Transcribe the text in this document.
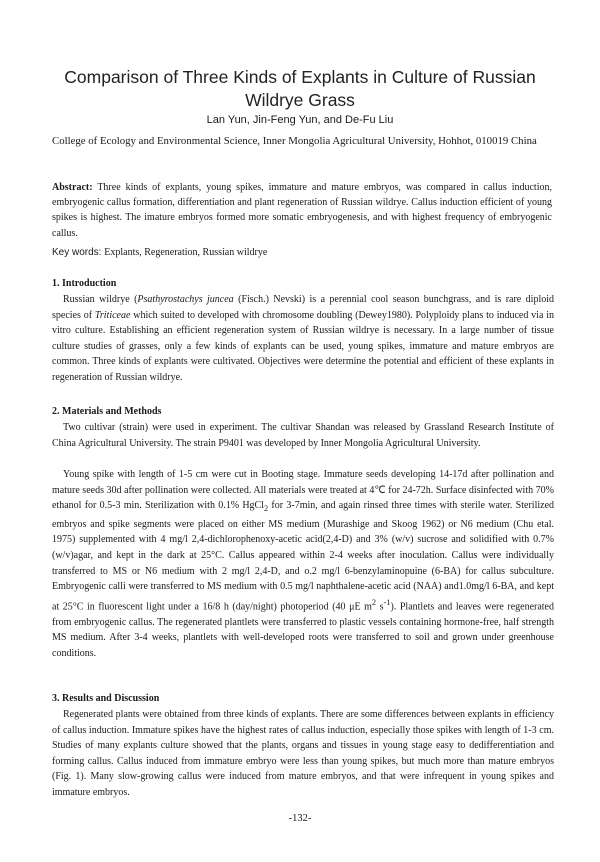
Comparison of Three Kinds of Explants in Culture of Russian Wildrye Grass
Lan Yun, Jin-Feng Yun, and De-Fu Liu
College of Ecology and Environmental Science, Inner Mongolia Agricultural University, Hohhot, 010019 China

Abstract: Three kinds of explants, young spikes, immature and mature embryos, was compared in callus induction, embryogenic callus formation, differentiation and plant regeneration of Russian wildrye. Callus induction efficient of young spikes is highest. The imature embryos formed more somatic embryogenesis, and with highest frequency of embryogenic callus.

Key words: Explants, Regeneration, Russian wildrye

1. Introduction

Russian wildrye (Psathyrostachys juncea (Fisch.) Nevski) is a perennial cool season bunchgrass, and is rare diploid species of Triticeae which suited to developed with chromosome doubling (Dewey1980). Polyploidy plans to induced via in vitro culture. Establishing an efficient regeneration system of Russian wildrye is necessary. In a large number of tissue culture studies of grasses, only a few kinds of explants can be used, young spikes, immature and mature embryos are common. Three kinds of explants were cultivated. Objectives were determine the potential and efficient of these explants in regeneration of Russian wildrye.

2. Materials and Methods

Two cultivar (strain) were used in experiment. The cultivar Shandan was released by Grassland Research Institute of China Agricultural University. The strain P9401 was developed by Inner Mongolia Agricultural University.

Young spike with length of 1-5 cm were cut in Booting stage. Immature seeds developing 14-17d after pollination and mature seeds 30d after pollination were collected. All materials were treated at 4℃ for 24-72h. Surface disinfected with 70% ethanol for 0.5-3 min. Sterilization with 0.1% HgCl$_2$ for 3-7min, and again rinsed three times with sterile water. Sterilized embryos and spike segments were placed on either MS medium (Murashige and Skoog 1962) or N6 medium (Chu etal. 1975) supplemented with 4 mg/l 2,4-dichlorophenoxy-acetic acid(2,4-D) and 3% (w/v) sucrose and solidified with 0.7% (w/v)agar, and kept in the dark at 25°C. Callus appeared within 2-4 weeks after inoculation. Callus were individually transferred to MS or N6 medium with 2 mg/l 2,4-D, and o.2 mg/l 6-benzylaminopuine (6-BA) for callus subculture. Embryogenic calli were transferred to MS medium with 0.5 mg/l naphthalene-acetic acid (NAA) and1.0mg/l 6-BA, and kept at 25°C in fluorescent light under a 16/8 h (day/night) photoperiod (40 μE $m^2$ $s^{-1}$). Plantlets and leaves were regenerated from embryogenic callus. The regenerated plantlets were transferred to plastic vessels containing hormone-free, half strength MS medium. After 3-4 weeks, plantlets with well-developed roots were transferred to soil and grown under greenhouse conditions.

3. Results and Discussion

Regenerated plants were obtained from three kinds of explants. There are some differences between explants in efficiency of callus induction. Immature spikes have the highest rates of callus induction, especially those spikes with length of 1-3 cm. Studies of many explants culture showed that the plants, organs and tissues in young stage easy to dedifferentiation and forming callus. Callus induced from immature embryo were less than young spikes, but much more than mature embryos (Fig. 1). Many slow-growing callus were induced from mature embryos, and that were infrequent in young spikes and immature embryos.

-132-
